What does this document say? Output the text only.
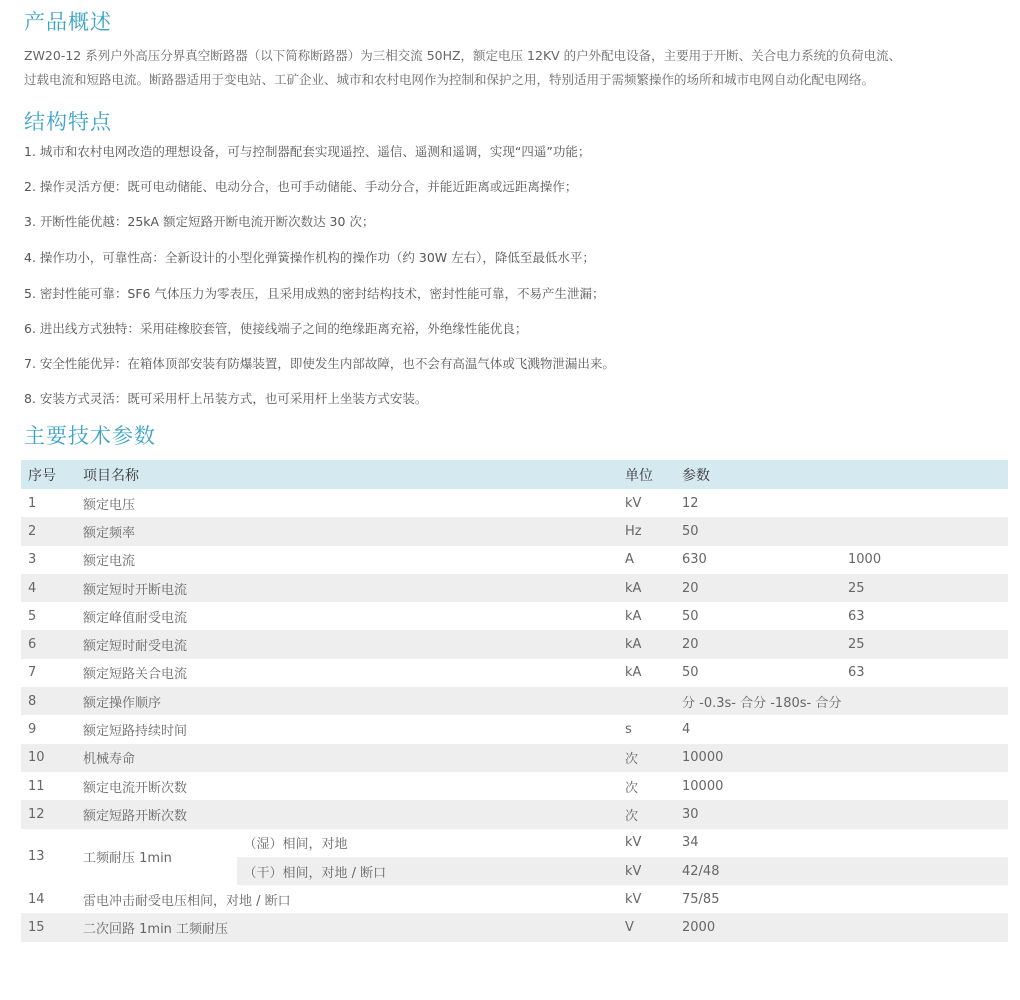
产品概述

ZW20-12 系列户外高压分界真空断路器（以下简称断路器）为三相交流 50HZ，额定电压 12KV 的户外配电设备，主要用于开断、关合电力系统的负荷电流、
过载电流和短路电流。断路器适用于变电站、工矿企业、城市和农村电网作为控制和保护之用，特别适用于需频繁操作的场所和城市电网自动化配电网络。

结构特点

1. 城市和农村电网改造的理想设备，可与控制器配套实现遥控、遥信、遥测和遥调，实现“四遥”功能；

2. 操作灵活方便：既可电动储能、电动分合，也可手动储能、手动分合，并能近距离或远距离操作；

3. 开断性能优越：25kA 额定短路开断电流开断次数达 30 次；

4. 操作功小，可靠性高：全新设计的小型化弹簧操作机构的操作功（约 30W 左右），降低至最低水平；

5. 密封性能可靠：SF6 气体压力为零表压，且采用成熟的密封结构技术，密封性能可靠，不易产生泄漏；

6. 进出线方式独特：采用硅橡胶套管，使接线端子之间的绝缘距离充裕，外绝缘性能优良；

7. 安全性能优异：在箱体顶部安装有防爆装置，即使发生内部故障，也不会有高温气体或飞溅物泄漏出来。

8. 安装方式灵活：既可采用杆上吊装方式，也可采用杆上坐装方式安装。

主要技术参数
序号	项目名称		单位	参数	
1	额定电压		kV	12	
2	额定频率		Hz	50	
3	额定电流		A	630	1000
4	额定短时开断电流		kA	20	25
5	额定峰值耐受电流		kA	50	63
6	额定短时耐受电流		kA	20	25
7	额定短路关合电流		kA	50	63
8	额定操作顺序			分 -0.3s- 合分 -180s- 合分	
9	额定短路持续时间		s	4	
10	机械寿命		次	10000	
11	额定电流开断次数		次	10000	
12	额定短路开断次数		次	30	
13	工频耐压 1min	（湿）相间，对地	kV	34	
		（干）相间，对地 / 断口	kV	42/48	
14	雷电冲击耐受电压相间，对地 / 断口		kV	75/85	
15	二次回路 1min 工频耐压		V	2000	
